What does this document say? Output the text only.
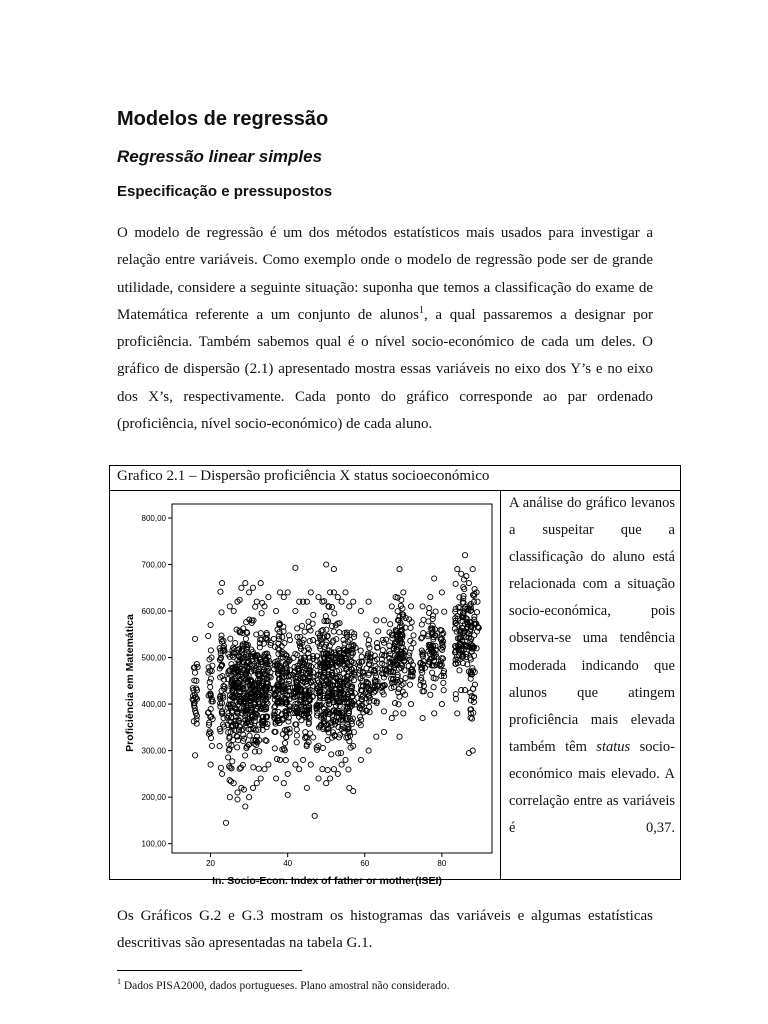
Modelos de regressão
Regressão linear simples
Especificação e pressupostos

O modelo de regressão é um dos métodos estatísticos mais usados para investigar a relação entre variáveis. Como exemplo onde o modelo de regressão pode ser de grande utilidade, considere a seguinte situação: suponha que temos a classificação do exame de Matemática referente a um conjunto de alunos$^1$, a qual passaremos a designar por proficiência. Também sabemos qual é o nível socio-económico de cada um deles. O gráfico de dispersão (2.1) apresentado mostra essas variáveis no eixo dos Y’s e no eixo dos X’s, respectivamente. Cada ponto do gráfico corresponde ao par ordenado (proficiência, nível socio-económico) de cada aluno.

Grafico 2.1 – Dispersão proficiência X status socioeconómico
100,00
200,00
300,00
400,00
500,00
600,00
700,00
800,00
20	40	60	80
Proficiência em Matemática
In. Socio-Econ. Index of father or mother(ISEI)

A análise do gráfico levanos a suspeitar que a classificação do aluno está relacionada com a situação socio-económica, pois observa-se uma tendência moderada indicando que alunos que atingem proficiência mais elevada também têm status socio-económico mais elevado. A correlação entre as variáveis é 0,37.

Os Gráficos G.2 e G.3 mostram os histogramas das variáveis e algumas estatísticas descritivas são apresentadas na tabela G.1.

$^1$ Dados PISA2000, dados portugueses. Plano amostral não considerado.
